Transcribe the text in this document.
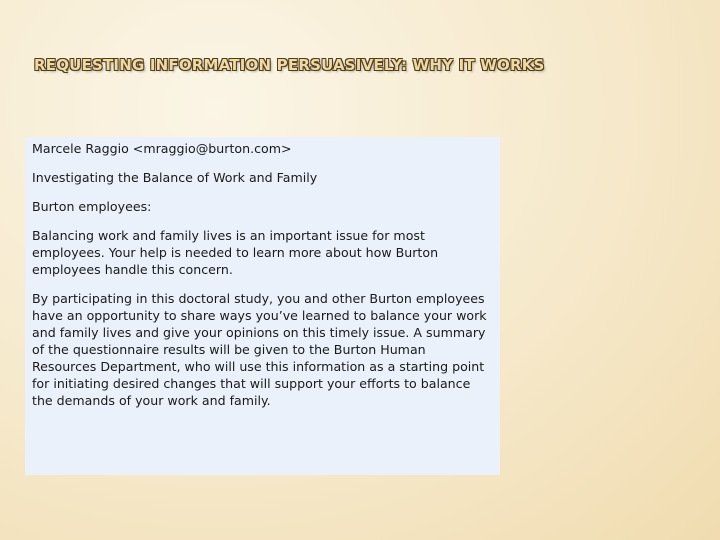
REQUESTING INFORMATION PERSUASIVELY: WHY IT WORKS

Marcele Raggio <mraggio@burton.com>

Investigating the Balance of Work and Family

Burton employees:

Balancing work and family lives is an important issue for most employees. Your help is needed to learn more about how Burton employees handle this concern.

By participating in this doctoral study, you and other Burton employees have an opportunity to share ways you’ve learned to balance your work and family lives and give your opinions on this timely issue. A summary of the questionnaire results will be given to the Burton Human Resources Department, who will use this information as a starting point for initiating desired changes that will support your efforts to balance the demands of your work and family.
